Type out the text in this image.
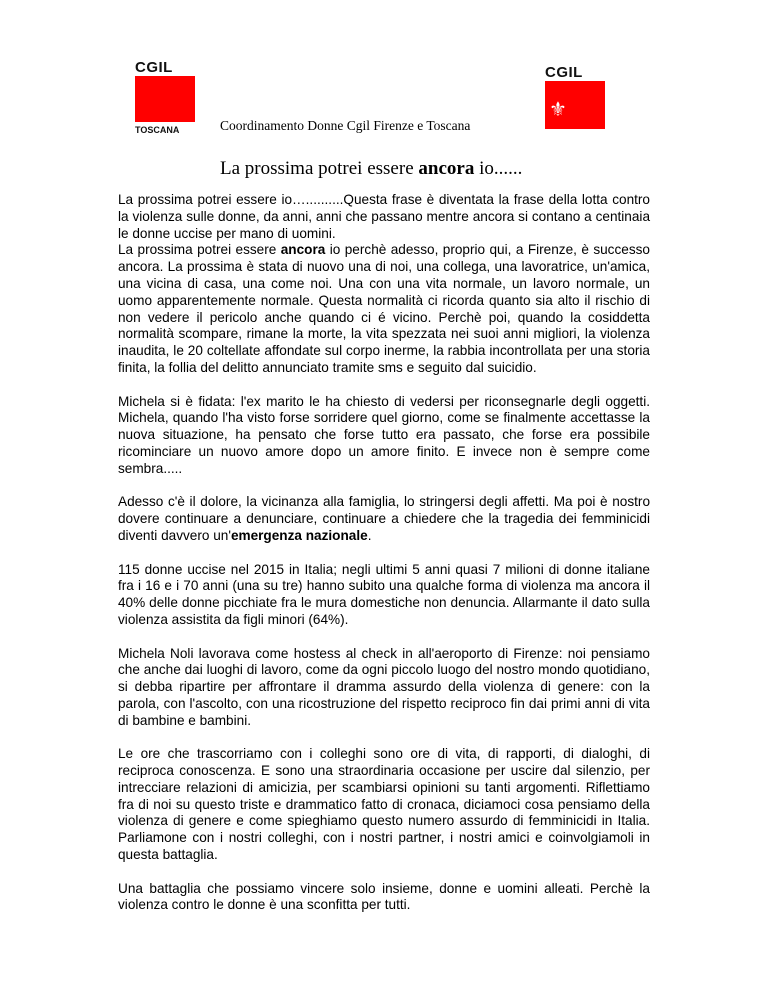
CGIL
TOSCANA
CGIL
⚜
Coordinamento Donne Cgil Firenze e Toscana
La prossima potrei essere ancora io......

La prossima potrei essere io…..........Questa frase è diventata la frase della lotta contro la violenza sulle donne, da anni, anni che passano mentre ancora si contano a centinaia le donne uccise per mano di uomini.

La prossima potrei essere ancora io perchè adesso, proprio qui, a Firenze, è successo ancora. La prossima è stata di nuovo una di noi, una collega, una lavoratrice, un'amica, una vicina di casa, una come noi. Una con una vita normale, un lavoro normale, un uomo apparentemente normale. Questa normalità ci ricorda quanto sia alto il rischio di non vedere il pericolo anche quando ci é vicino. Perchè poi, quando la cosiddetta normalità scompare, rimane la morte, la vita spezzata nei suoi anni migliori, la violenza inaudita, le 20 coltellate affondate sul corpo inerme, la rabbia incontrollata per una storia finita, la follia del delitto annunciato tramite sms e seguito dal suicidio.

Michela si è fidata: l'ex marito le ha chiesto di vedersi per riconsegnarle degli oggetti. Michela, quando l'ha visto forse sorridere quel giorno, come se finalmente accettasse la nuova situazione, ha pensato che forse tutto era passato, che forse era possibile ricominciare un nuovo amore dopo un amore finito. E invece non è sempre come sembra.....

Adesso c'è il dolore, la vicinanza alla famiglia, lo stringersi degli affetti. Ma poi è nostro dovere continuare a denunciare, continuare a chiedere che la tragedia dei femminicidi diventi davvero un'emergenza nazionale.

115 donne uccise nel 2015 in Italia; negli ultimi 5 anni quasi 7 milioni di donne italiane fra i 16 e i 70 anni (una su tre) hanno subito una qualche forma di violenza ma ancora il 40% delle donne picchiate fra le mura domestiche non denuncia. Allarmante il dato sulla violenza assistita da figli minori (64%).

Michela Noli lavorava come hostess al check in all'aeroporto di Firenze: noi pensiamo che anche dai luoghi di lavoro, come da ogni piccolo luogo del nostro mondo quotidiano, si debba ripartire per affrontare il dramma assurdo della violenza di genere: con la parola, con l'ascolto, con una ricostruzione del rispetto reciproco fin dai primi anni di vita di bambine e bambini.

Le ore che trascorriamo con i colleghi sono ore di vita, di rapporti, di dialoghi, di reciproca conoscenza. E sono una straordinaria occasione per uscire dal silenzio, per intrecciare relazioni di amicizia, per scambiarsi opinioni su tanti argomenti. Riflettiamo fra di noi su questo triste e drammatico fatto di cronaca, diciamoci cosa pensiamo della violenza di genere e come spieghiamo questo numero assurdo di femminicidi in Italia. Parliamone con i nostri colleghi, con i nostri partner, i nostri amici e coinvolgiamoli in questa battaglia.

Una battaglia che possiamo vincere solo insieme, donne e uomini alleati. Perchè la violenza contro le donne è una sconfitta per tutti.
